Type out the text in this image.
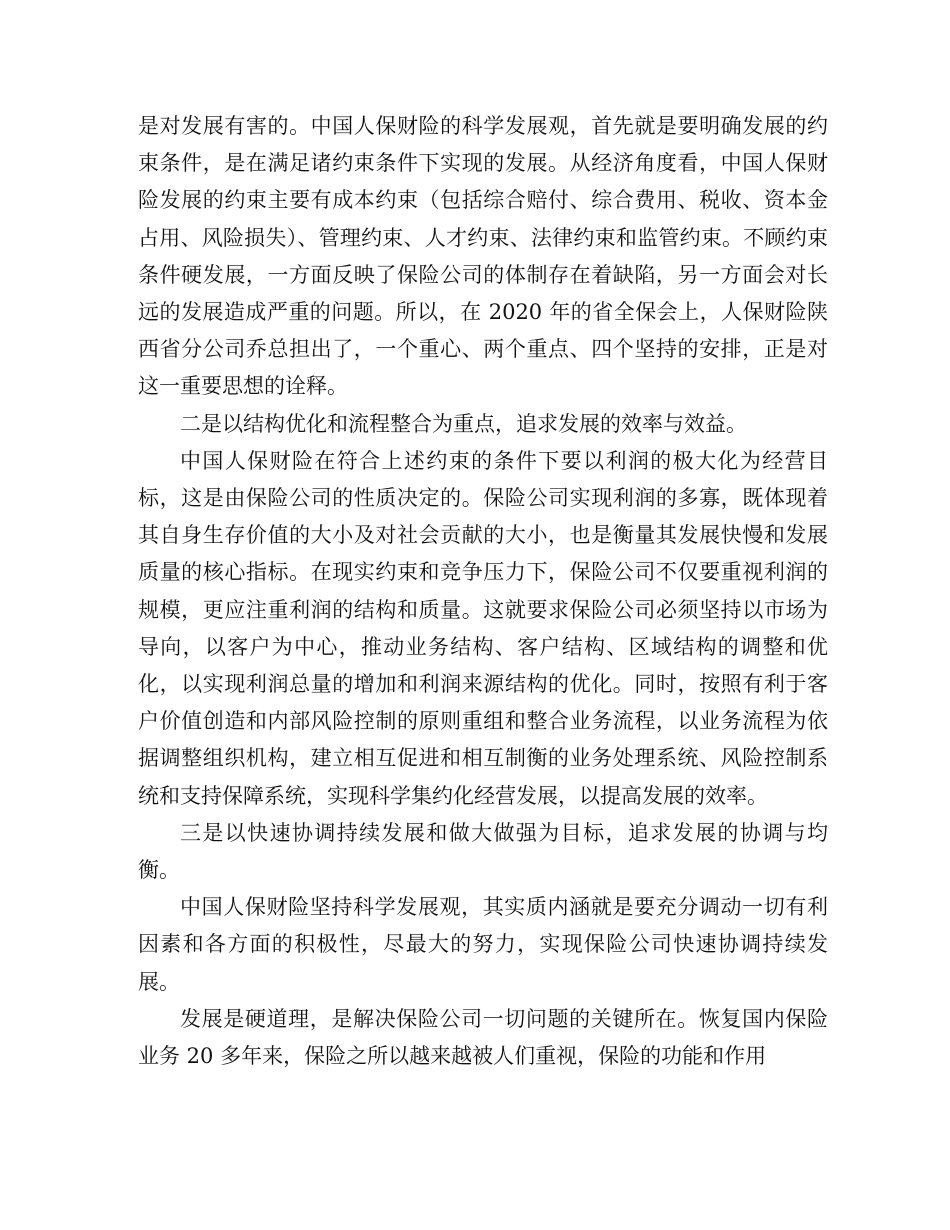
是对发展有害的。中国人保财险的科学发展观，首先就是要明确发展的约束条件，是在满足诸约束条件下实现的发展。从经济角度看，中国人保财险发展的约束主要有成本约束（包括综合赔付、综合费用、税收、资本金占用、风险损失）、管理约束、人才约束、法律约束和监管约束。不顾约束条件硬发展，一方面反映了保险公司的体制存在着缺陷，另一方面会对长远的发展造成严重的问题。所以，在 2020 年的省全保会上，人保财险陕西省分公司乔总担出了，一个重心、两个重点、四个坚持的安排，正是对这一重要思想的诠释。

二是以结构优化和流程整合为重点，追求发展的效率与效益。

中国人保财险在符合上述约束的条件下要以利润的极大化为经营目标，这是由保险公司的性质决定的。保险公司实现利润的多寡，既体现着其自身生存价值的大小及对社会贡献的大小，也是衡量其发展快慢和发展质量的核心指标。在现实约束和竞争压力下，保险公司不仅要重视利润的规模，更应注重利润的结构和质量。这就要求保险公司必须坚持以市场为导向，以客户为中心，推动业务结构、客户结构、区域结构的调整和优化，以实现利润总量的增加和利润来源结构的优化。同时，按照有利于客户价值创造和内部风险控制的原则重组和整合业务流程，以业务流程为依据调整组织机构，建立相互促进和相互制衡的业务处理系统、风险控制系统和支持保障系统，实现科学集约化经营发展，以提高发展的效率。

三是以快速协调持续发展和做大做强为目标，追求发展的协调与均衡。

中国人保财险坚持科学发展观，其实质内涵就是要充分调动一切有利因素和各方面的积极性，尽最大的努力，实现保险公司快速协调持续发展。

发展是硬道理，是解决保险公司一切问题的关键所在。恢复国内保险业务 20 多年来，保险之所以越来越被人们重视，保险的功能和作用
